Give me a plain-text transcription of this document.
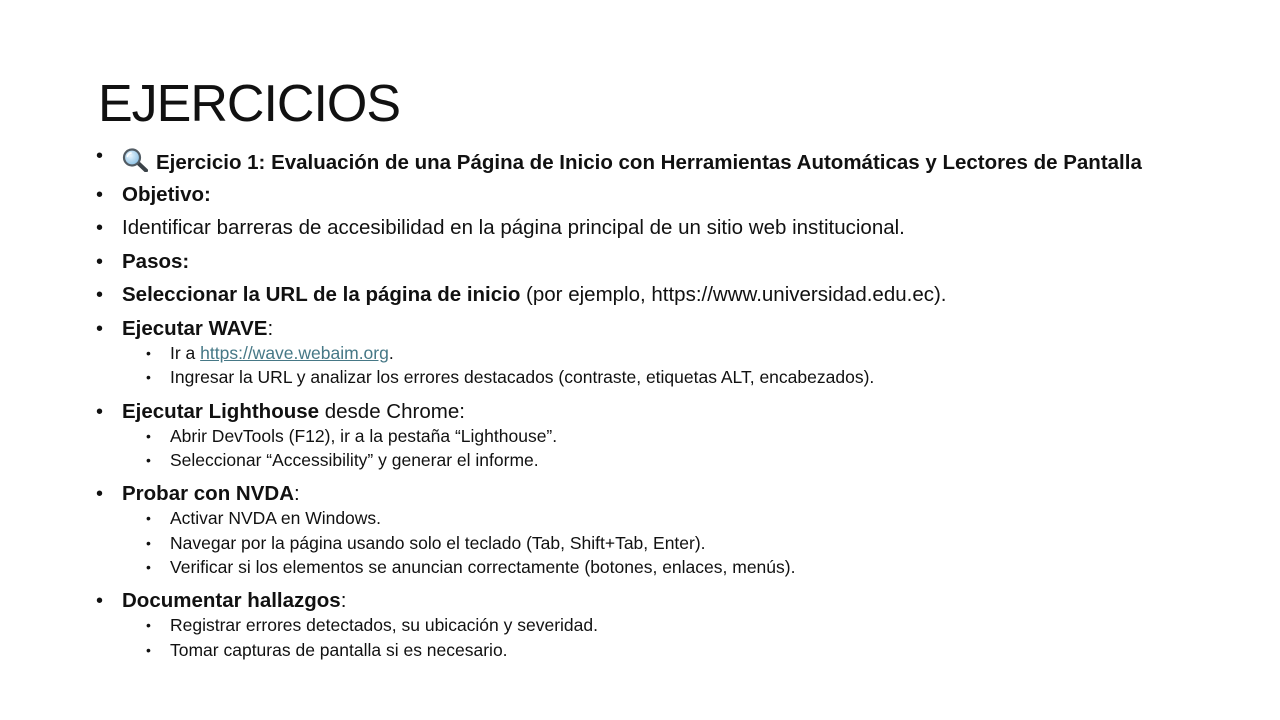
EJERCICIOS
• Ejercicio 1: Evaluación de una Página de Inicio con Herramientas Automáticas y Lectores de Pantalla
• Objetivo:
• Identificar barreras de accesibilidad en la página principal de un sitio web institucional.
• Pasos:
• Seleccionar la URL de la página de inicio (por ejemplo, https://www.universidad.edu.ec).
• Ejecutar WAVE:
• Ir a https://wave.webaim.org.
• Ingresar la URL y analizar los errores destacados (contraste, etiquetas ALT, encabezados).
• Ejecutar Lighthouse desde Chrome:
• Abrir DevTools (F12), ir a la pestaña “Lighthouse”.
• Seleccionar “Accessibility” y generar el informe.
• Probar con NVDA:
• Activar NVDA en Windows.
• Navegar por la página usando solo el teclado (Tab, Shift+Tab, Enter).
• Verificar si los elementos se anuncian correctamente (botones, enlaces, menús).
• Documentar hallazgos:
• Registrar errores detectados, su ubicación y severidad.
• Tomar capturas de pantalla si es necesario.
